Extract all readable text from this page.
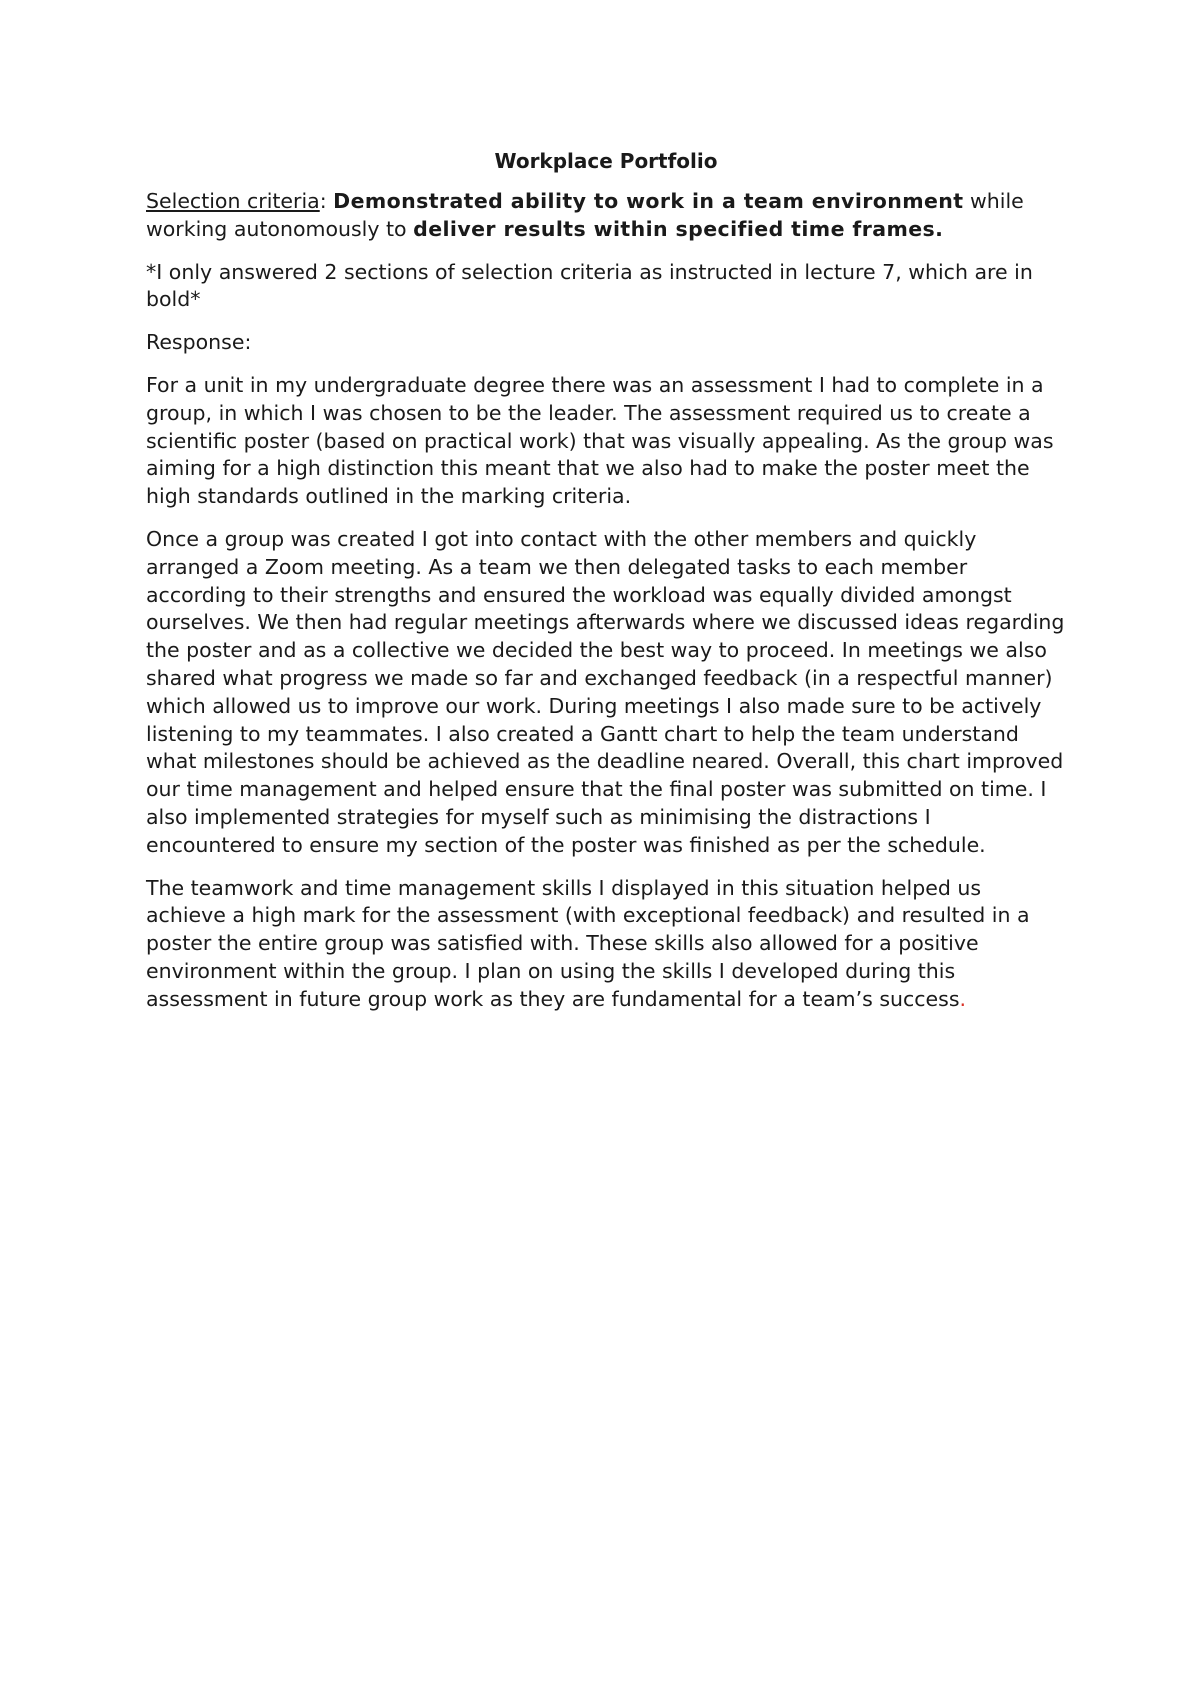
Workplace Portfolio

Selection criteria: Demonstrated ability to work in a team environment while working autonomously to deliver results within specified time frames.

*I only answered 2 sections of selection criteria as instructed in lecture 7, which are in bold*

Response:

For a unit in my undergraduate degree there was an assessment I had to complete in a group, in which I was chosen to be the leader. The assessment required us to create a scientific poster (based on practical work) that was visually appealing. As the group was aiming for a high distinction this meant that we also had to make the poster meet the high standards outlined in the marking criteria.

Once a group was created I got into contact with the other members and quickly arranged a Zoom meeting. As a team we then delegated tasks to each member according to their strengths and ensured the workload was equally divided amongst ourselves. We then had regular meetings afterwards where we discussed ideas regarding the poster and as a collective we decided the best way to proceed. In meetings we also shared what progress we made so far and exchanged feedback (in a respectful manner) which allowed us to improve our work. During meetings I also made sure to be actively listening to my teammates. I also created a Gantt chart to help the team understand what milestones should be achieved as the deadline neared. Overall, this chart improved our time management and helped ensure that the final poster was submitted on time. I also implemented strategies for myself such as minimising the distractions I encountered to ensure my section of the poster was finished as per the schedule.

The teamwork and time management skills I displayed in this situation helped us achieve a high mark for the assessment (with exceptional feedback) and resulted in a poster the entire group was satisfied with. These skills also allowed for a positive environment within the group. I plan on using the skills I developed during this assessment in future group work as they are fundamental for a team’s success.
